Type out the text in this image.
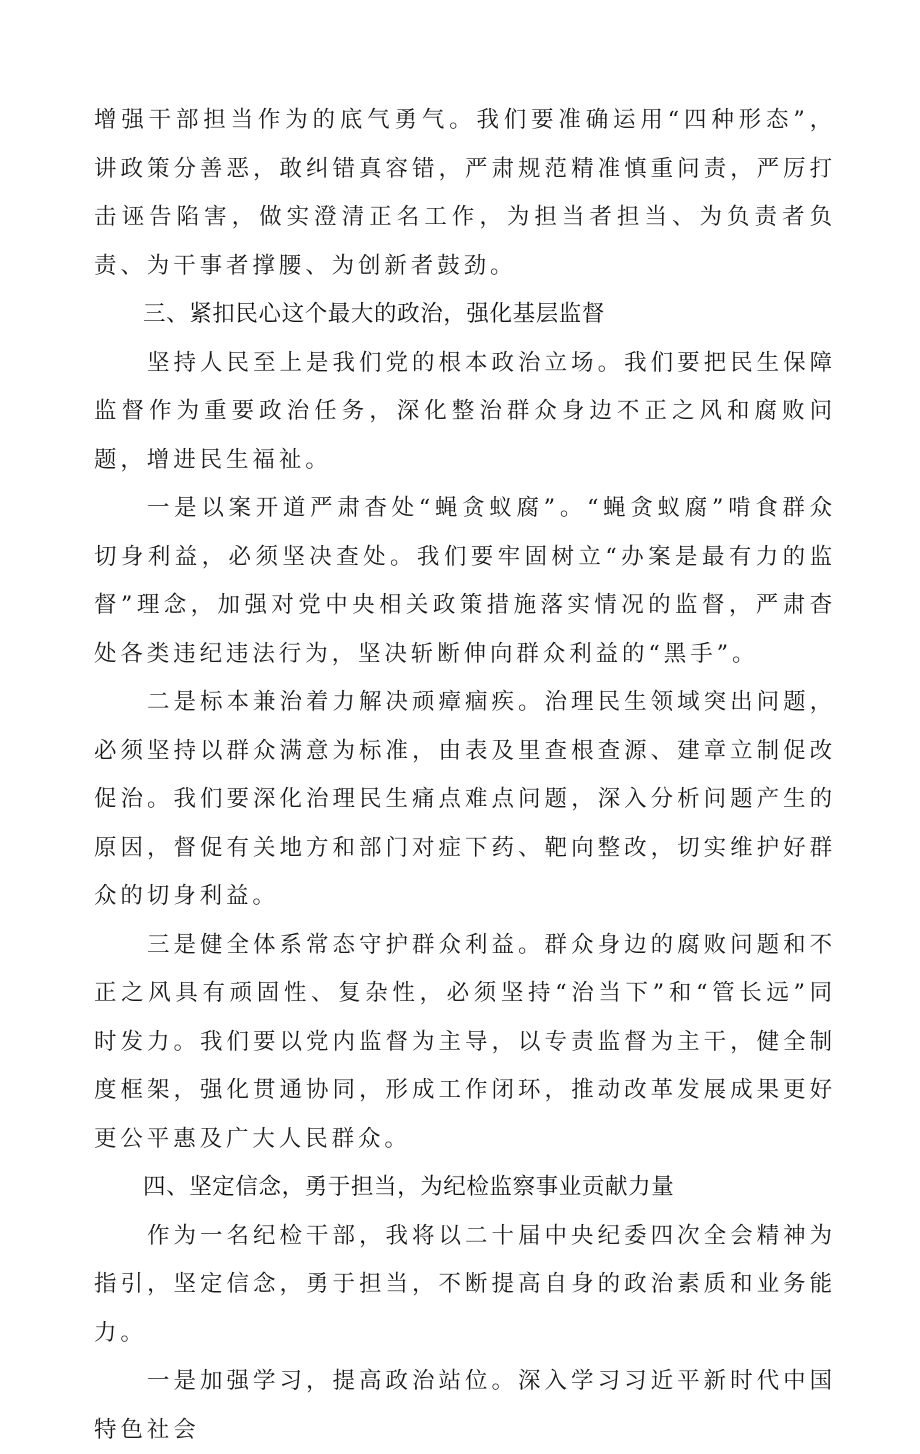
增强干部担当作为的底气勇气。我们要准确运用“四种形态”，讲政策分善恶，敢纠错真容错，严肃规范精准慎重问责，严厉打击诬告陷害，做实澄清正名工作，为担当者担当、为负责者负责、为干事者撑腰、为创新者鼓劲。

三、紧扣民心这个最大的政治，强化基层监督

坚持人民至上是我们党的根本政治立场。我们要把民生保障监督作为重要政治任务，深化整治群众身边不正之风和腐败问题，增进民生福祉。

一是以案开道严肃杳处“蝇贪蚁腐”。“蝇贪蚁腐”啃食群众切身利益，必须坚决查处。我们要牢固树立“办案是最有力的监督”理念，加强对党中央相关政策措施落实情况的监督，严肃杳处各类违纪违法行为，坚决斩断伸向群众利益的“黑手”。

二是标本兼治着力解决顽瘴痼疾。治理民生领域突出问题，必须坚持以群众满意为标准，由表及里查根查源、建章立制促改促治。我们要深化治理民生痛点难点问题，深入分析问题产生的原因，督促有关地方和部门对症下药、靶向整改，切实维护好群众的切身利益。

三是健全体系常态守护群众利益。群众身边的腐败问题和不正之风具有顽固性、复杂性，必须坚持“治当下”和“管长远”同时发力。我们要以党内监督为主导，以专责监督为主干，健全制度框架，强化贯通协同，形成工作闭环，推动改革发展成果更好更公平惠及广大人民群众。

四、坚定信念，勇于担当，为纪检监察事业贡献力量

作为一名纪检干部，我将以二十届中央纪委四次全会精神为指引，坚定信念，勇于担当，不断提高自身的政治素质和业务能力。

一是加强学习，提高政治站位。深入学习习近平新时代中国特色社会
